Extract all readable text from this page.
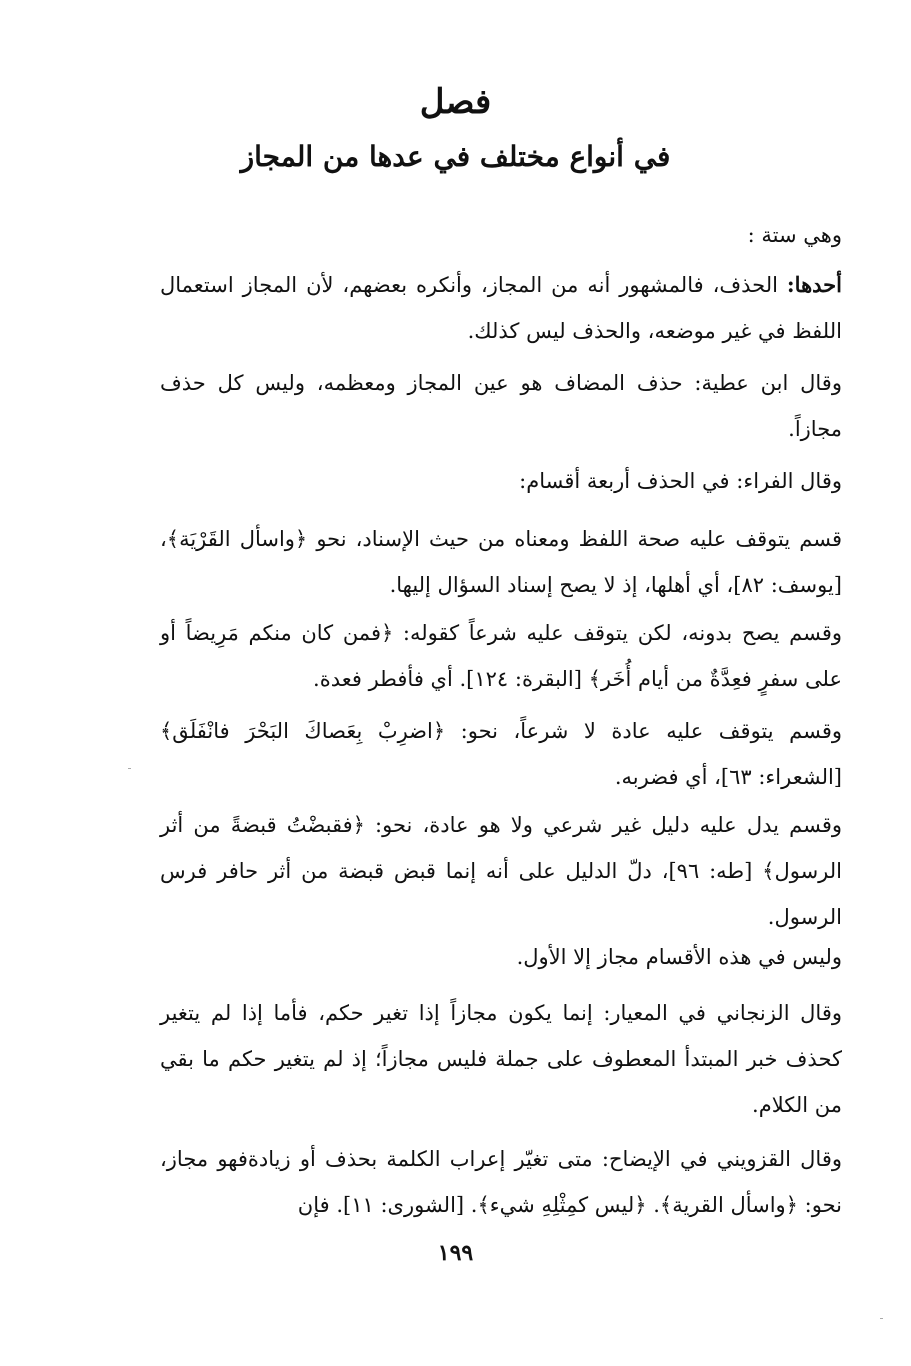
فصل
في أنواع مختلف في عدها من المجاز
وهي ستة :
أحدها: الحذف، فالمشهور أنه من المجاز، وأنكره بعضهم، لأن المجاز استعمال اللفظ في غير موضعه، والحذف ليس كذلك.
وقال ابن عطية: حذف المضاف هو عين المجاز ومعظمه، وليس كل حذف مجازاً.
وقال الفراء: في الحذف أربعة أقسام:
قسم يتوقف عليه صحة اللفظ ومعناه من حيث الإسناد، نحو ﴿واسأل القَرْيَة﴾، [يوسف: ٨٢]، أي أهلها، إذ لا يصح إسناد السؤال إليها.
وقسم يصح بدونه، لكن يتوقف عليه شرعاً كقوله: ﴿فمن كان منكم مَرِيضاً أو على سفرٍ فعِدَّةٌ من أيام أُخَر﴾ [البقرة: ١٢٤]. أي فأفطر فعدة.
وقسم يتوقف عليه عادة لا شرعاً، نحو: ﴿اضرِبْ بِعَصاكَ البَحْرَ فانْفَلَق﴾ [الشعراء: ٦٣]، أي فضربه.
وقسم يدل عليه دليل غير شرعي ولا هو عادة، نحو: ﴿فقبضْتُ قبضةً من أثر الرسول﴾ [طه: ٩٦]، دلّ الدليل على أنه إنما قبض قبضة من أثر حافر فرس الرسول.
وليس في هذه الأقسام مجاز إلا الأول.
وقال الزنجاني في المعيار: إنما يكون مجازاً إذا تغير حكم، فأما إذا لم يتغير كحذف خبر المبتدأ المعطوف على جملة فليس مجازاً؛ إذ لم يتغير حكم ما بقي من الكلام.
وقال القزويني في الإيضاح: متى تغيّر إعراب الكلمة بحذف أو زيادةفهو مجاز، نحو: ﴿واسأل القرية﴾. ﴿ليس كمِثْلِهِ شيء﴾. [الشورى: ١١]. فإن
١٩٩
